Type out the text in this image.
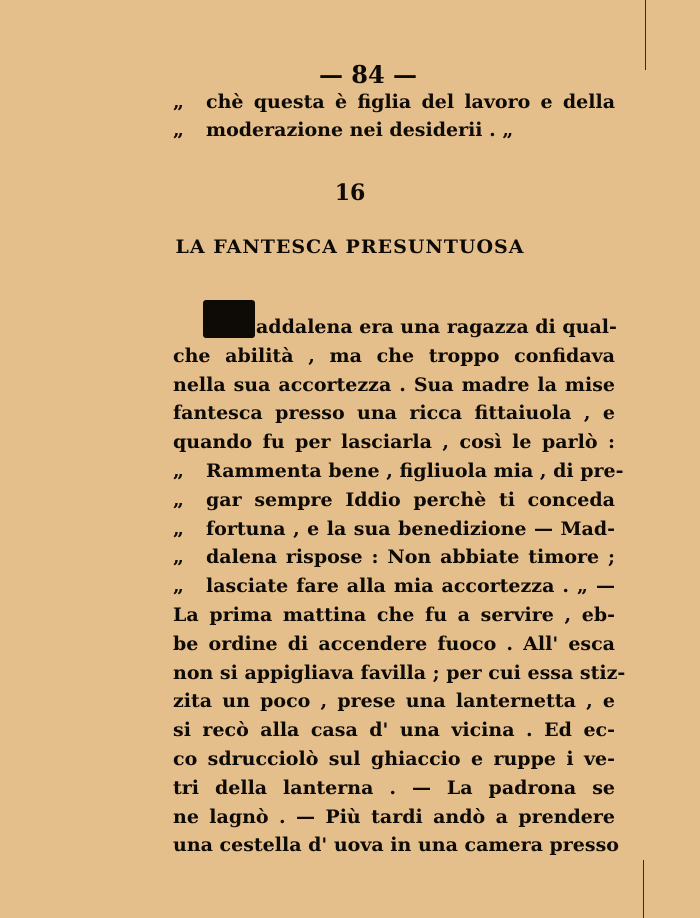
— 84 —
„ chè questa è figlia del lavoro e della
„ moderazione nei desiderii . „
16
LA FANTESCA PRESUNTUOSA
addalena era una ragazza di qual-
che abilità , ma che troppo confidava
nella sua accortezza . Sua madre la mise
fantesca presso una ricca fittaiuola , e
quando fu per lasciarla , così le parlò :
„ Rammenta bene , figliuola mia , di pre-
„ gar sempre Iddio perchè ti conceda
„ fortuna , e la sua benedizione — Mad-
„ dalena rispose : Non abbiate timore ;
„ lasciate fare alla mia accortezza . „ —
La prima mattina che fu a servire , eb-
be ordine di accendere fuoco . All' esca
non si appigliava favilla ; per cui essa stiz-
zita un poco , prese una lanternetta , e
si recò alla casa d' una vicina . Ed ec-
co sdrucciolò sul ghiaccio e ruppe i ve-
tri della lanterna . — La padrona se
ne lagnò . — Più tardi andò a prendere
una cestella d' uova in una camera presso
